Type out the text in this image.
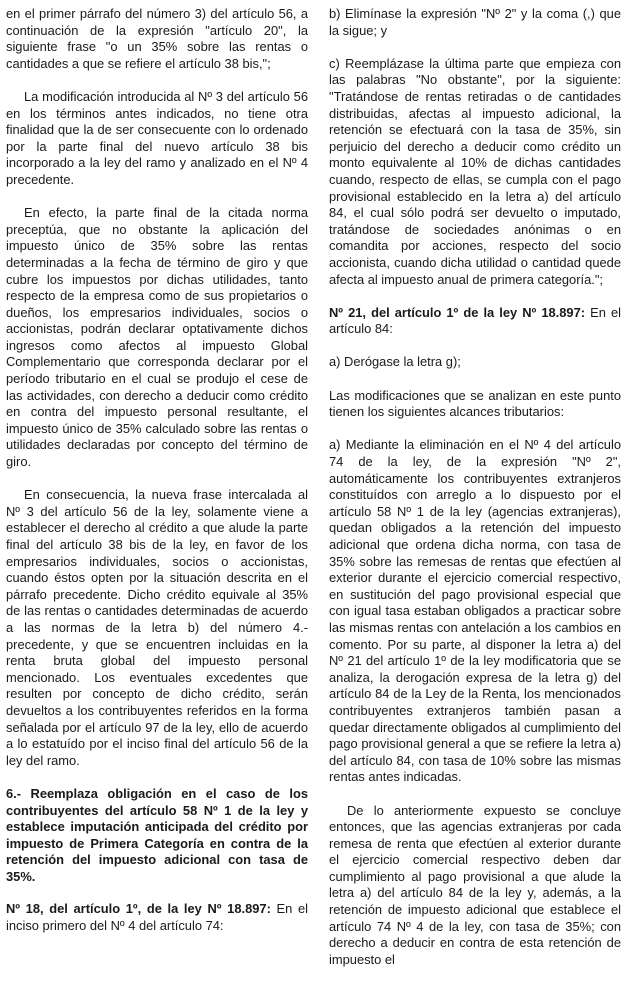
en el primer párrafo del número 3) del artículo 56, a continuación de la expresión "artículo 20", la siguiente frase "o un 35% sobre las rentas o cantidades a que se refiere el artículo 38 bis,";

La modificación introducida al Nº 3 del artículo 56 en los términos antes indicados, no tiene otra finalidad que la de ser consecuente con lo ordenado por la parte final del nuevo artículo 38 bis incorporado a la ley del ramo y analizado en el Nº 4 precedente.

En efecto, la parte final de la citada norma preceptúa, que no obstante la aplicación del impuesto único de 35% sobre las rentas determinadas a la fecha de término de giro y que cubre los impuestos por dichas utilidades, tanto respecto de la empresa como de sus propietarios o dueños, los empresarios individuales, socios o accionistas, podrán declarar optativamente dichos ingresos como afectos al impuesto Global Complementario que corresponda declarar por el período tributario en el cual se produjo el cese de las actividades, con derecho a deducir como crédito en contra del impuesto personal resultante, el impuesto único de 35% calculado sobre las rentas o utilidades declaradas por concepto del término de giro.

En consecuencia, la nueva frase intercalada al Nº 3 del artículo 56 de la ley, solamente viene a establecer el derecho al crédito a que alude la parte final del artículo 38 bis de la ley, en favor de los empresarios individuales, socios o accionistas, cuando éstos opten por la situación descrita en el párrafo precedente. Dicho crédito equivale al 35% de las rentas o cantidades determinadas de acuerdo a las normas de la letra b) del número 4.- precedente, y que se encuentren incluidas en la renta bruta global del impuesto personal mencionado. Los eventuales excedentes que resulten por concepto de dicho crédito, serán devueltos a los contribuyentes referidos en la forma señalada por el artículo 97 de la ley, ello de acuerdo a lo estatuído por el inciso final del artículo 56 de la ley del ramo.

6.- Reemplaza obligación en el caso de los contribuyentes del artículo 58 Nº 1 de la ley y establece imputación anticipada del crédito por impuesto de Primera Categoría en contra de la retención del impuesto adicional con tasa de 35%.

Nº 18, del artículo 1º, de la ley Nº 18.897: En el inciso primero del Nº 4 del artículo 74:

b) Elimínase la expresión "Nº 2" y la coma (,) que la sigue; y

c) Reemplázase la última parte que empieza con las palabras "No obstante", por la siguiente: "Tratándose de rentas retiradas o de cantidades distribuidas, afectas al impuesto adicional, la retención se efectuará con la tasa de 35%, sin perjuicio del derecho a deducir como crédito un monto equivalente al 10% de dichas cantidades cuando, respecto de ellas, se cumpla con el pago provisional establecido en la letra a) del artículo 84, el cual sólo podrá ser devuelto o imputado, tratándose de sociedades anónimas o en comandita por acciones, respecto del socio accionista, cuando dicha utilidad o cantidad quede afecta al impuesto anual de primera categoría.";

Nº 21, del artículo 1º de la ley Nº 18.897: En el artículo 84:

a) Derógase la letra g);

Las modificaciones que se analizan en este punto tienen los siguientes alcances tributarios:

a) Mediante la eliminación en el Nº 4 del artículo 74 de la ley, de la expresión "Nº 2", automáticamente los contribuyentes extranjeros constituídos con arreglo a lo dispuesto por el artículo 58 Nº 1 de la ley (agencias extranjeras), quedan obligados a la retención del impuesto adicional que ordena dicha norma, con tasa de 35% sobre las remesas de rentas que efectúen al exterior durante el ejercicio comercial respectivo, en sustitución del pago provisional especial que con igual tasa estaban obligados a practicar sobre las mismas rentas con antelación a los cambios en comento. Por su parte, al disponer la letra a) del Nº 21 del artículo 1º de la ley modificatoria que se analiza, la derogación expresa de la letra g) del artículo 84 de la Ley de la Renta, los mencionados contribuyentes extranjeros también pasan a quedar directamente obligados al cumplimiento del pago provisional general a que se refiere la letra a) del artículo 84, con tasa de 10% sobre las mismas rentas antes indicadas.

De lo anteriormente expuesto se concluye entonces, que las agencias extranjeras por cada remesa de renta que efectúen al exterior durante el ejercicio comercial respectivo deben dar cumplimiento al pago provisional a que alude la letra a) del artículo 84 de la ley y, además, a la retención de impuesto adicional que establece el artículo 74 Nº 4 de la ley, con tasa de 35%; con derecho a deducir en contra de esta retención de impuesto el
